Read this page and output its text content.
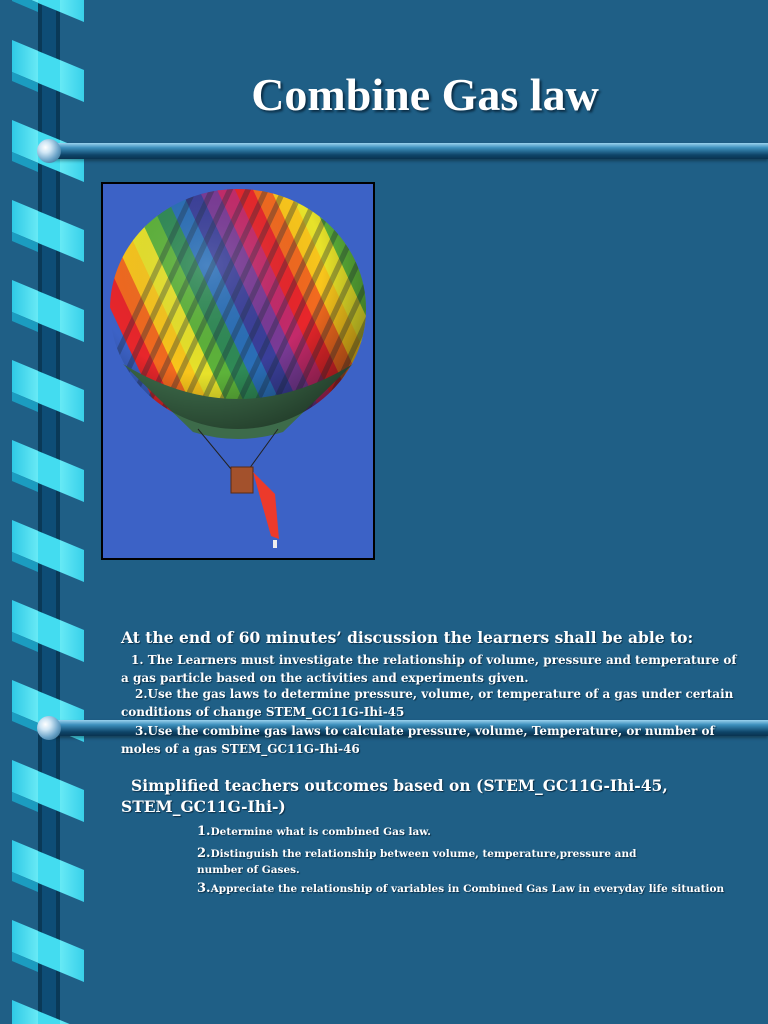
Combine Gas law
At the end of 60 minutes’ discussion the learners shall be able to:
1. The Learners must investigate the relationship of volume, pressure and temperature of a gas particle based on the activities and experiments given.
2.Use the gas laws to determine pressure, volume, or temperature of a gas under certain conditions of change STEM_GC11G-Ihi-45
3.Use the combine gas laws to calculate pressure, volume, Temperature, or number of moles of a gas STEM_GC11G-Ihi-46
Simplified teachers outcomes based on (STEM_GC11G-Ihi-45, STEM_GC11G-Ihi-)
1.Determine what is combined Gas law.
2.Distinguish the relationship between volume, temperature,pressure and number of Gases.
3.Appreciate the relationship of variables in Combined Gas Law in everyday life situation
